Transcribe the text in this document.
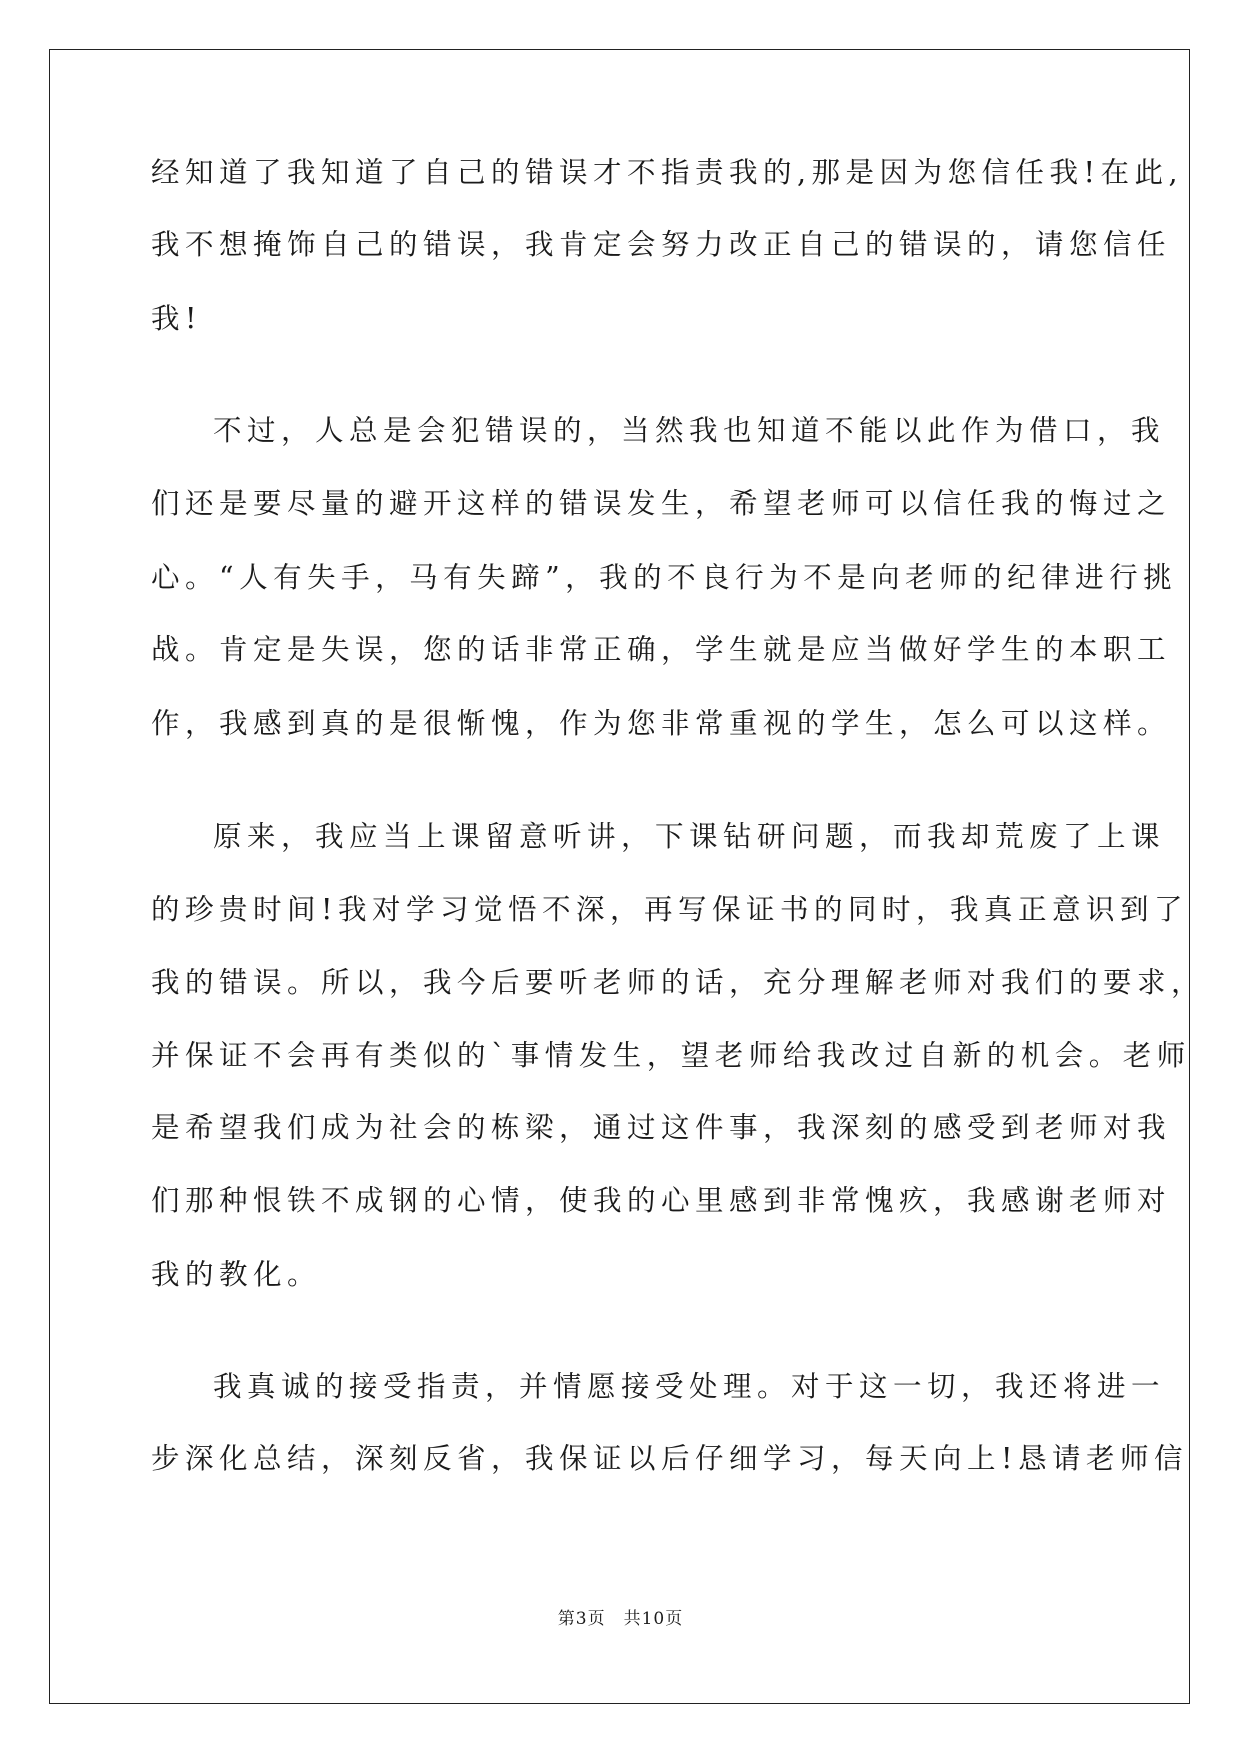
经知道了我知道了自己的错误才不指责我的,那是因为您信任我!在此,
我不想掩饰自己的错误，我肯定会努力改正自己的错误的，请您信任
我!
不过，人总是会犯错误的，当然我也知道不能以此作为借口，我
们还是要尽量的避开这样的错误发生，希望老师可以信任我的悔过之
心。“人有失手，马有失蹄”，我的不良行为不是向老师的纪律进行挑
战。肯定是失误，您的话非常正确，学生就是应当做好学生的本职工
作，我感到真的是很惭愧，作为您非常重视的学生，怎么可以这样。
原来，我应当上课留意听讲，下课钻研问题，而我却荒废了上课
的珍贵时间!我对学习觉悟不深，再写保证书的同时，我真正意识到了
我的错误。所以，我今后要听老师的话，充分理解老师对我们的要求，
并保证不会再有类似的`事情发生，望老师给我改过自新的机会。老师
是希望我们成为社会的栋梁，通过这件事，我深刻的感受到老师对我
们那种恨铁不成钢的心情，使我的心里感到非常愧疚，我感谢老师对
我的教化。
我真诚的接受指责，并情愿接受处理。对于这一切，我还将进一
步深化总结，深刻反省，我保证以后仔细学习，每天向上!恳请老师信
第3页　共10页
